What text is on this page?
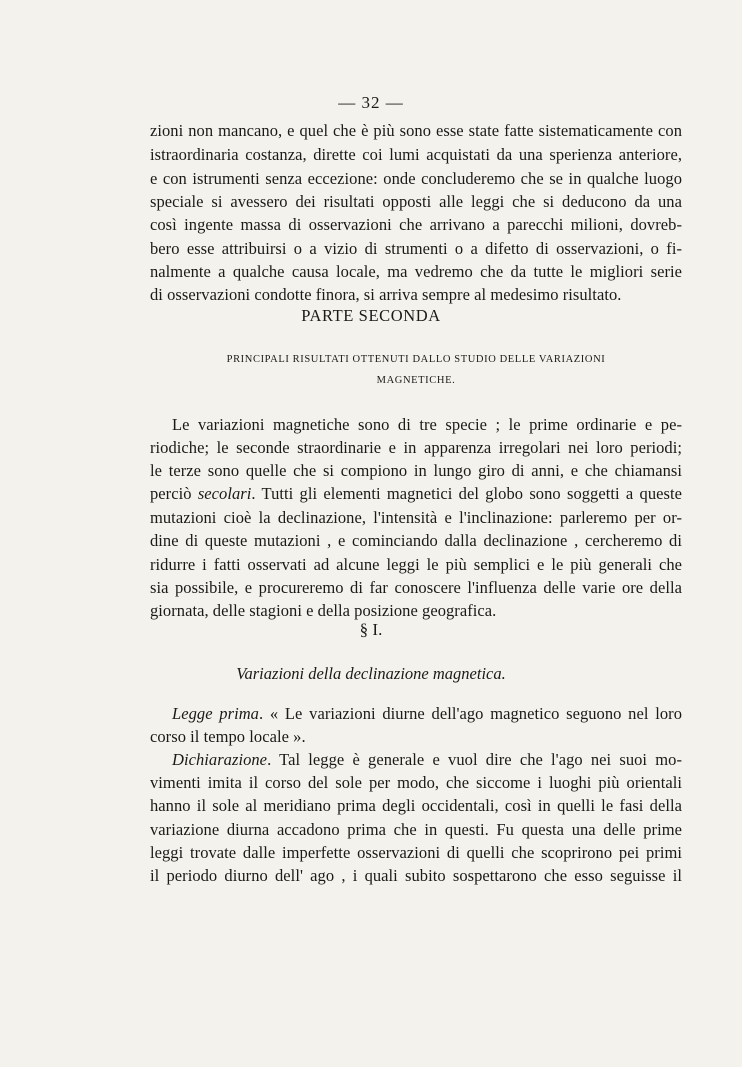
— 32 —
zioni non mancano, e quel che è più sono esse state fatte sistematicamente con
istraordinaria costanza, dirette coi lumi acquistati da una sperienza anteriore,
e con istrumenti senza eccezione: onde concluderemo che se in qualche luogo
speciale si avessero dei risultati opposti alle leggi che si deducono da una
così ingente massa di osservazioni che arrivano a parecchi milioni, dovreb-
bero esse attribuirsi o a vizio di strumenti o a difetto di osservazioni, o fi-
nalmente a qualche causa locale, ma vedremo che da tutte le migliori serie
di osservazioni condotte finora, si arriva sempre al medesimo risultato.
PARTE SECONDA
PRINCIPALI RISULTATI OTTENUTI DALLO STUDIO DELLE VARIAZIONI
MAGNETICHE.
Le variazioni magnetiche sono di tre specie ; le prime ordinarie e pe-
riodiche; le seconde straordinarie e in apparenza irregolari nei loro periodi;
le terze sono quelle che si compiono in lungo giro di anni, e che chiamansi
perciò secolari. Tutti gli elementi magnetici del globo sono soggetti a queste
mutazioni cioè la declinazione, l'intensità e l'inclinazione: parleremo per or-
dine di queste mutazioni , e cominciando dalla declinazione , cercheremo di
ridurre i fatti osservati ad alcune leggi le più semplici e le più generali che
sia possibile, e procureremo di far conoscere l'influenza delle varie ore della
giornata, delle stagioni e della posizione geografica.
§ I.
Variazioni della declinazione magnetica.
Legge prima. « Le variazioni diurne dell'ago magnetico seguono nel loro
corso il tempo locale ».
Dichiarazione. Tal legge è generale e vuol dire che l'ago nei suoi mo-
vimenti imita il corso del sole per modo, che siccome i luoghi più orientali
hanno il sole al meridiano prima degli occidentali, così in quelli le fasi della
variazione diurna accadono prima che in questi. Fu questa una delle prime
leggi trovate dalle imperfette osservazioni di quelli che scoprirono pei primi
il periodo diurno dell' ago , i quali subito sospettarono che esso seguisse il
